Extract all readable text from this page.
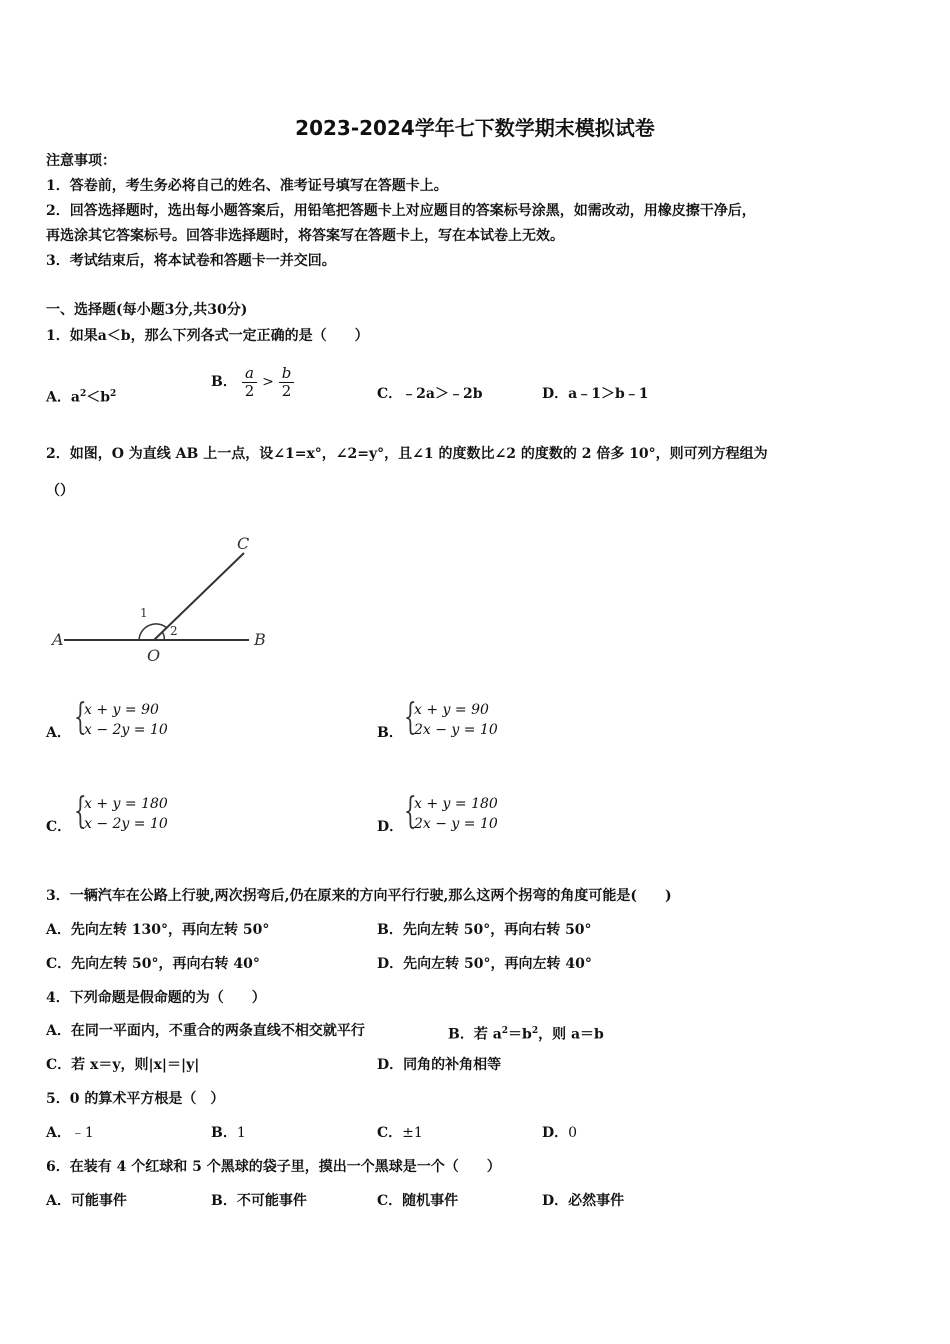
2023-2024学年七下数学期末模拟试卷
注意事项：
1．答卷前，考生务必将自己的姓名、准考证号填写在答题卡上。
2．回答选择题时，选出每小题答案后，用铅笔把答题卡上对应题目的答案标号涂黑，如需改动，用橡皮擦干净后，
再选涂其它答案标号。回答非选择题时，将答案写在答题卡上，写在本试卷上无效。
3．考试结束后，将本试卷和答题卡一并交回。
一、选择题(每小题3分,共30分)
1．如果a＜b，那么下列各式一定正确的是（　　）
A．$a^2<b^2$
B． $\frac{a}{2} > \frac{b}{2}$	C．﹣2a＞﹣2b	D．a﹣1＞b﹣1
2．如图，O 为直线 AB 上一点，设∠1=x°，∠2=y°，且∠1 的度数比∠2 的度数的 2 倍多 10°，则可列方程组为
（）
A	B
C
O
1
2
A． {
x + y = 90
x − 2y = 10	B． {
x + y = 90
2x − y = 10
C． {
x + y = 180
x − 2y = 10	D． {
x + y = 180
2x − y = 10
3．一辆汽车在公路上行驶,两次拐弯后,仍在原来的方向平行行驶,那么这两个拐弯的角度可能是(　　)
A．先向左转 130°，再向左转 50°	B．先向左转 50°，再向右转 50°
C．先向左转 50°，再向右转 40°	D．先向左转 50°，再向左转 40°
4．下列命题是假命题的为（　　）
A．在同一平面内，不重合的两条直线不相交就平行	B．若 $a^2=b^2$，则 a＝b
C．若 x＝y，则|x|＝|y|	D．同角的补角相等
5．0 的算术平方根是（　）
A．﹣1	B．1	C．±1	D．0
6．在装有 4 个红球和 5 个黑球的袋子里，摸出一个黑球是一个（　　）
A．可能事件	B．不可能事件	C．随机事件	D．必然事件
